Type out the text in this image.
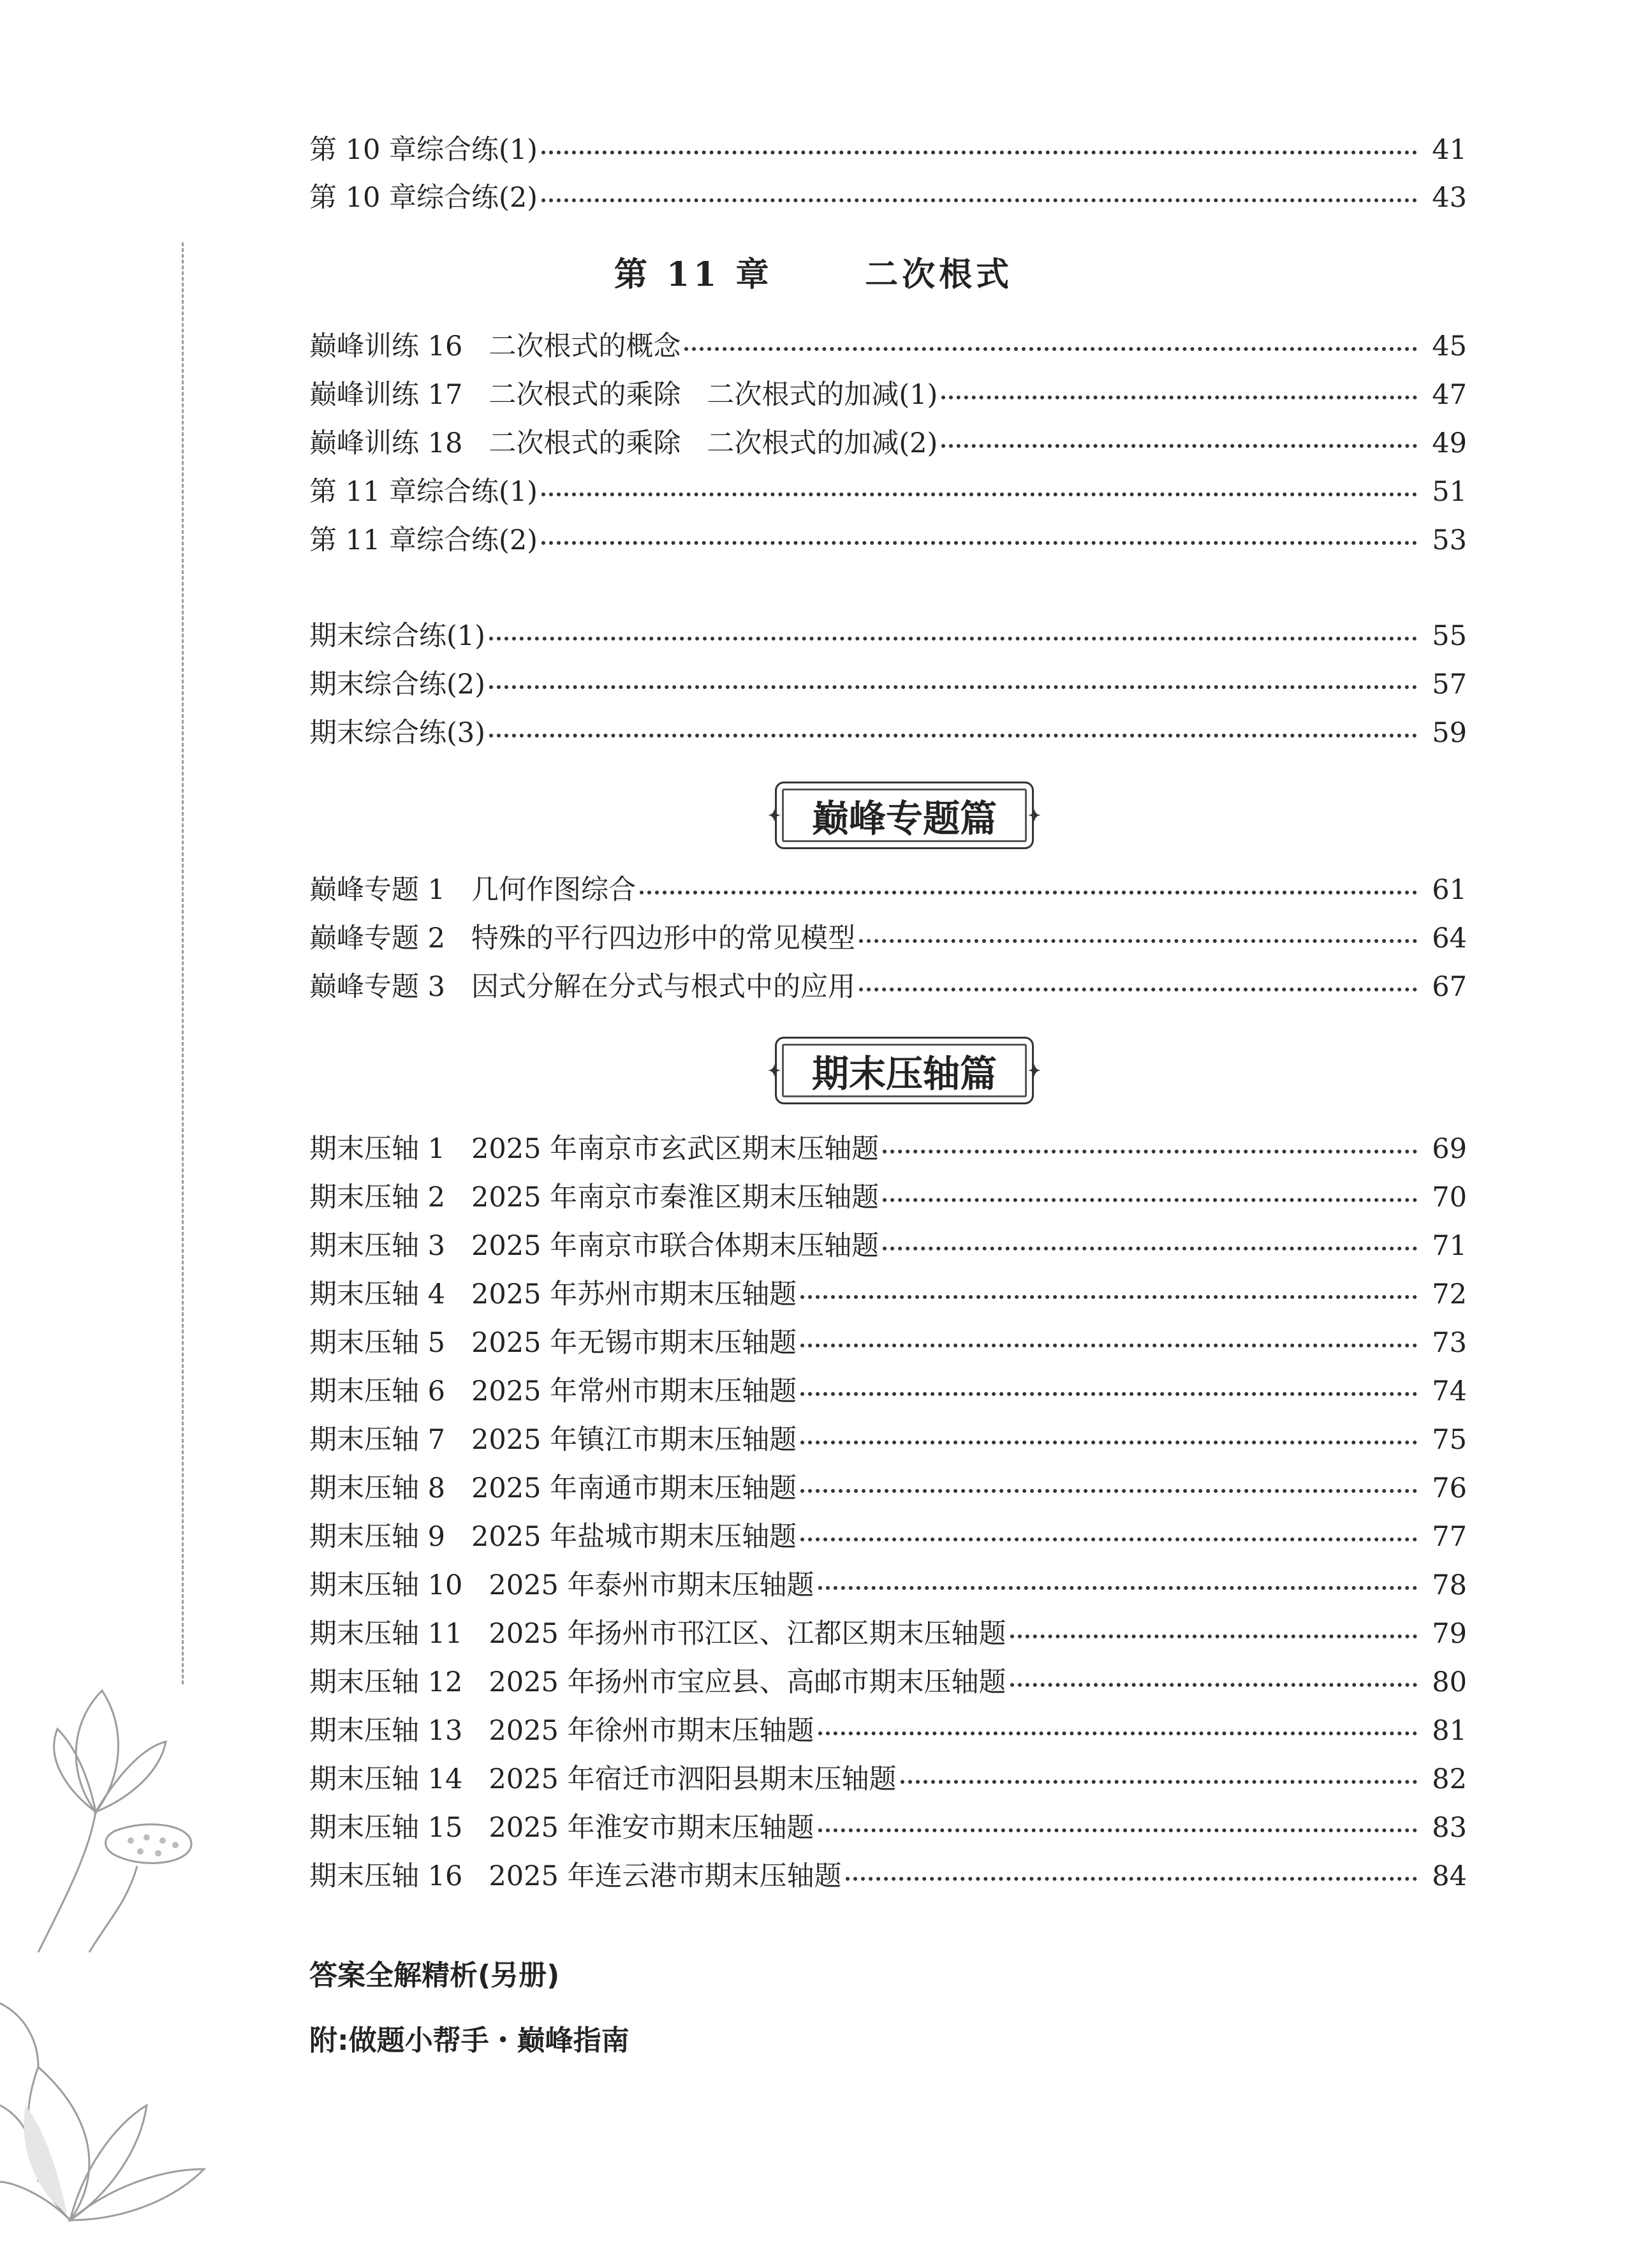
第 10 章综合练(1)	41
第 10 章综合练(2)	43
第 11 章	二次根式
巅峰训练 16   二次根式的概念	45
巅峰训练 17   二次根式的乘除   二次根式的加减(1)	47
巅峰训练 18   二次根式的乘除   二次根式的加减(2)	49
第 11 章综合练(1)	51
第 11 章综合练(2)	53
期末综合练(1)	55
期末综合练(2)	57
期末综合练(3)	59
✦ 巅峰专题篇
✦
巅峰专题 1   几何作图综合	61
巅峰专题 2   特殊的平行四边形中的常见模型	64
巅峰专题 3   因式分解在分式与根式中的应用	67
✦ 期末压轴篇
✦
期末压轴 1   2025 年南京市玄武区期末压轴题	69
期末压轴 2   2025 年南京市秦淮区期末压轴题	70
期末压轴 3   2025 年南京市联合体期末压轴题	71
期末压轴 4   2025 年苏州市期末压轴题	72
期末压轴 5   2025 年无锡市期末压轴题	73
期末压轴 6   2025 年常州市期末压轴题	74
期末压轴 7   2025 年镇江市期末压轴题	75
期末压轴 8   2025 年南通市期末压轴题	76
期末压轴 9   2025 年盐城市期末压轴题	77
期末压轴 10   2025 年泰州市期末压轴题	78
期末压轴 11   2025 年扬州市邗江区、江都区期末压轴题	79
期末压轴 12   2025 年扬州市宝应县、高邮市期末压轴题	80
期末压轴 13   2025 年徐州市期末压轴题	81
期末压轴 14   2025 年宿迁市泗阳县期末压轴题	82
期末压轴 15   2025 年淮安市期末压轴题	83
期末压轴 16   2025 年连云港市期末压轴题	84
答案全解精析(另册)
附:做题小帮手・巅峰指南
